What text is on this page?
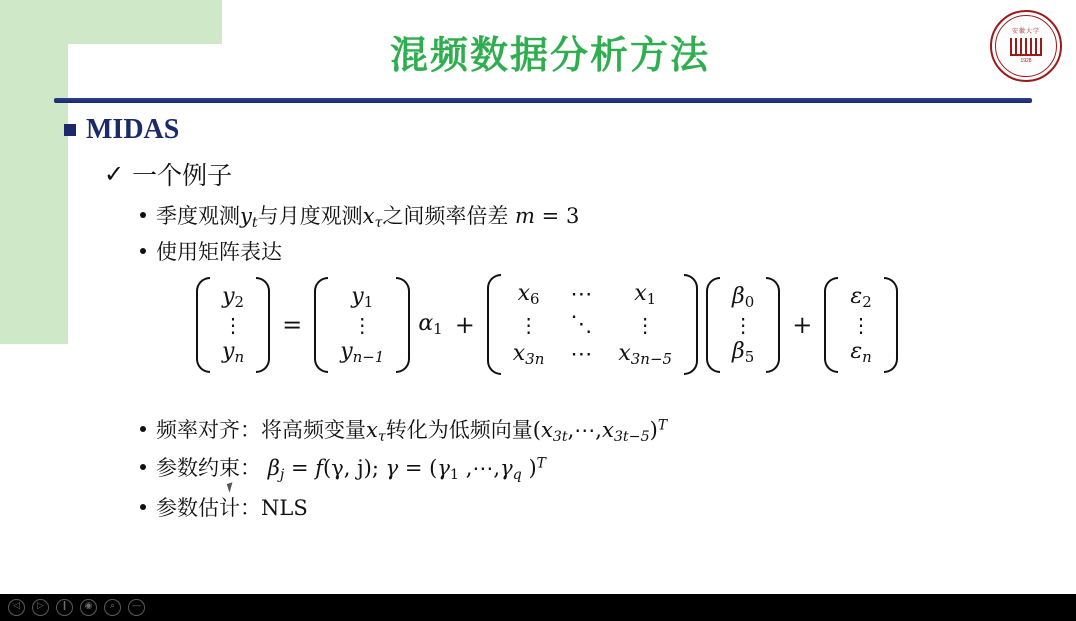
混频数据分析方法
安徽大学
1928
MIDAS
✓ 一个例子
季度观测$y_t$与月度观测$x_\tau$之间频率倍差 m = 3
使用矩阵表达
y2
⋮
$y_n$
=
y1
⋮
$y_{n-1}$
α1 +
x6 ⋯	x1
⋮ ⋱	⋮
$x_{3n}$ ⋯ $x_{3n-5}$
β0
⋮
β5
+
ε2
⋮
$\varepsilon_n$
频率对齐：将高频变量$x_\tau$转化为低频向量$(x_{3t},\cdots,x_{3t-5})^T$
参数约束： $\beta_j = f(\gamma$, j); γ = (γ1 $,\cdots,\gamma_q$ )$^T$
参数估计：NLS
◁	▷	❙	◉	⌕	—
